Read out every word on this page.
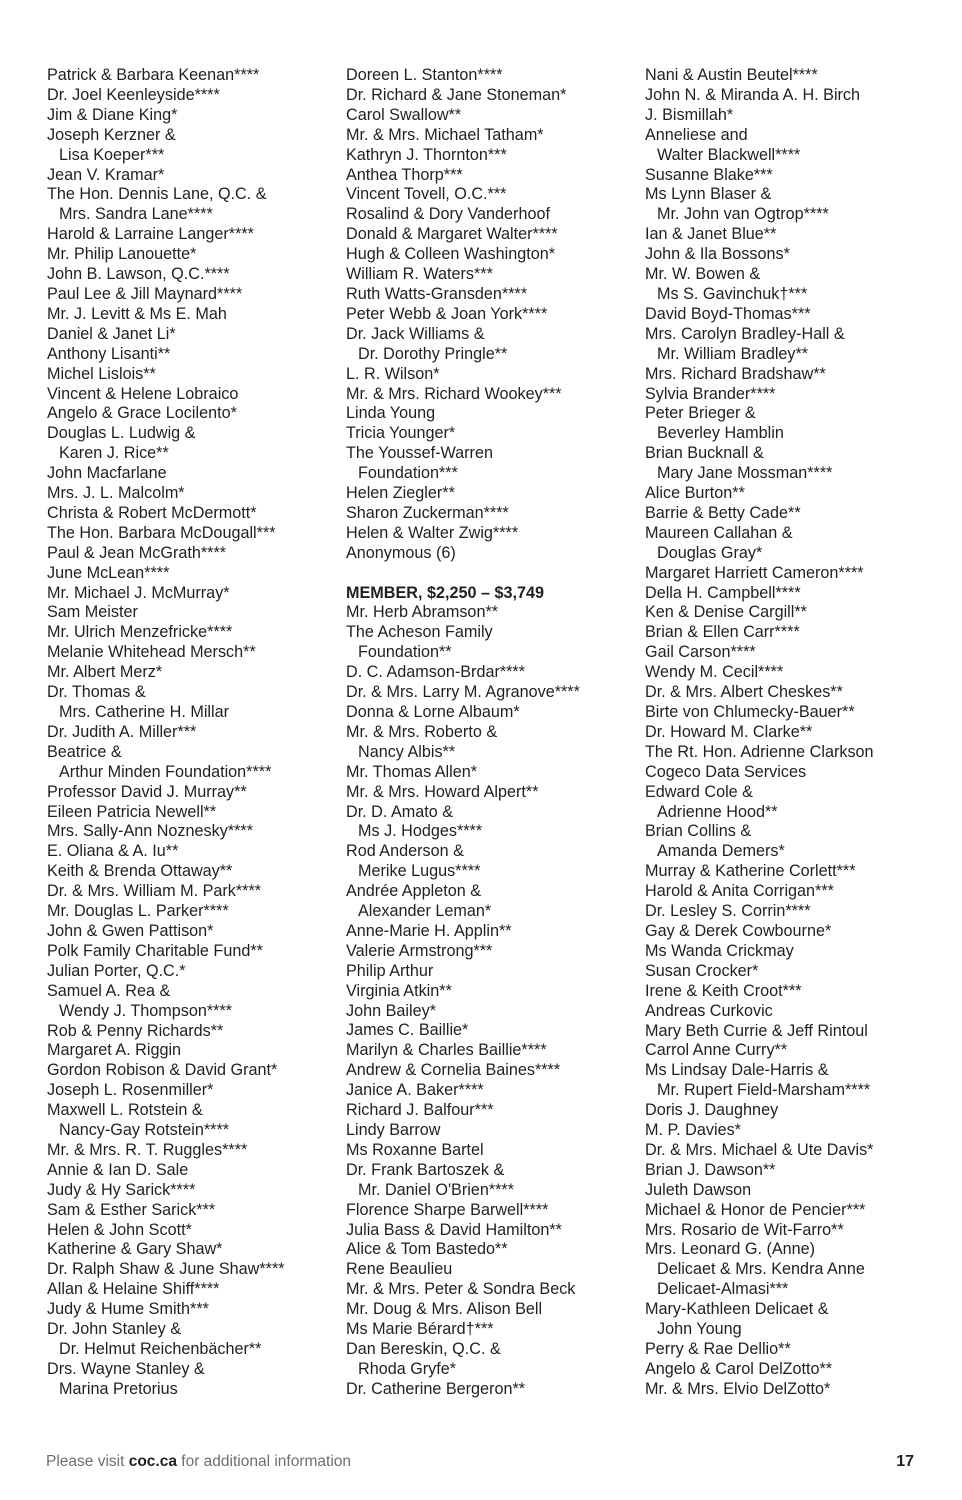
Patrick & Barbara Keenan****
Dr. Joel Keenleyside****
Jim & Diane King*
Joseph Kerzner &
Lisa Koeper***
Jean V. Kramar*
The Hon. Dennis Lane, Q.C. &
Mrs. Sandra Lane****
Harold & Larraine Langer****
Mr. Philip Lanouette*
John B. Lawson, Q.C.****
Paul Lee & Jill Maynard****
Mr. J. Levitt & Ms E. Mah
Daniel & Janet Li*
Anthony Lisanti**
Michel Lislois**
Vincent & Helene Lobraico
Angelo & Grace Locilento*
Douglas L. Ludwig &
Karen J. Rice**
John Macfarlane
Mrs. J. L. Malcolm*
Christa & Robert McDermott*
The Hon. Barbara McDougall***
Paul & Jean McGrath****
June McLean****
Mr. Michael J. McMurray*
Sam Meister
Mr. Ulrich Menzefricke****
Melanie Whitehead Mersch**
Mr. Albert Merz*
Dr. Thomas &
Mrs. Catherine H. Millar
Dr. Judith A. Miller***
Beatrice &
Arthur Minden Foundation****
Professor David J. Murray**
Eileen Patricia Newell**
Mrs. Sally-Ann Noznesky****
E. Oliana & A. Iu**
Keith & Brenda Ottaway**
Dr. & Mrs. William M. Park****
Mr. Douglas L. Parker****
John & Gwen Pattison*
Polk Family Charitable Fund**
Julian Porter, Q.C.*
Samuel A. Rea &
Wendy J. Thompson****
Rob & Penny Richards**
Margaret A. Riggin
Gordon Robison & David Grant*
Joseph L. Rosenmiller*
Maxwell L. Rotstein &
Nancy-Gay Rotstein****
Mr. & Mrs. R. T. Ruggles****
Annie & Ian D. Sale
Judy & Hy Sarick****
Sam & Esther Sarick***
Helen & John Scott*
Katherine & Gary Shaw*
Dr. Ralph Shaw & June Shaw****
Allan & Helaine Shiff****
Judy & Hume Smith***
Dr. John Stanley &
Dr. Helmut Reichenbächer**
Drs. Wayne Stanley &
Marina Pretorius
Doreen L. Stanton****
Dr. Richard & Jane Stoneman*
Carol Swallow**
Mr. & Mrs. Michael Tatham*
Kathryn J. Thornton***
Anthea Thorp***
Vincent Tovell, O.C.***
Rosalind & Dory Vanderhoof
Donald & Margaret Walter****
Hugh & Colleen Washington*
William R. Waters***
Ruth Watts-Gransden****
Peter Webb & Joan York****
Dr. Jack Williams &
Dr. Dorothy Pringle**
L. R. Wilson*
Mr. & Mrs. Richard Wookey***
Linda Young
Tricia Younger*
The Youssef-Warren
Foundation***
Helen Ziegler**
Sharon Zuckerman****
Helen & Walter Zwig****
Anonymous (6)
MEMBER, $2,250 – $3,749
Mr. Herb Abramson**
The Acheson Family
Foundation**
D. C. Adamson-Brdar****
Dr. & Mrs. Larry M. Agranove****
Donna & Lorne Albaum*
Mr. & Mrs. Roberto &
Nancy Albis**
Mr. Thomas Allen*
Mr. & Mrs. Howard Alpert**
Dr. D. Amato &
Ms J. Hodges****
Rod Anderson &
Merike Lugus****
Andrée Appleton &
Alexander Leman*
Anne-Marie H. Applin**
Valerie Armstrong***
Philip Arthur
Virginia Atkin**
John Bailey*
James C. Baillie*
Marilyn & Charles Baillie****
Andrew & Cornelia Baines****
Janice A. Baker****
Richard J. Balfour***
Lindy Barrow
Ms Roxanne Bartel
Dr. Frank Bartoszek &
Mr. Daniel O'Brien****
Florence Sharpe Barwell****
Julia Bass & David Hamilton**
Alice & Tom Bastedo**
Rene Beaulieu
Mr. & Mrs. Peter & Sondra Beck
Mr. Doug & Mrs. Alison Bell
Ms Marie Bérard†***
Dan Bereskin, Q.C. &
Rhoda Gryfe*
Dr. Catherine Bergeron**
Nani & Austin Beutel****
John N. & Miranda A. H. Birch
J. Bismillah*
Anneliese and
Walter Blackwell****
Susanne Blake***
Ms Lynn Blaser &
Mr. John van Ogtrop****
Ian & Janet Blue**
John & Ila Bossons*
Mr. W. Bowen &
Ms S. Gavinchuk†***
David Boyd-Thomas***
Mrs. Carolyn Bradley-Hall &
Mr. William Bradley**
Mrs. Richard Bradshaw**
Sylvia Brander****
Peter Brieger &
Beverley Hamblin
Brian Bucknall &
Mary Jane Mossman****
Alice Burton**
Barrie & Betty Cade**
Maureen Callahan &
Douglas Gray*
Margaret Harriett Cameron****
Della H. Campbell****
Ken & Denise Cargill**
Brian & Ellen Carr****
Gail Carson****
Wendy M. Cecil****
Dr. & Mrs. Albert Cheskes**
Birte von Chlumecky-Bauer**
Dr. Howard M. Clarke**
The Rt. Hon. Adrienne Clarkson
Cogeco Data Services
Edward Cole &
Adrienne Hood**
Brian Collins &
Amanda Demers*
Murray & Katherine Corlett***
Harold & Anita Corrigan***
Dr. Lesley S. Corrin****
Gay & Derek Cowbourne*
Ms Wanda Crickmay
Susan Crocker*
Irene & Keith Croot***
Andreas Curkovic
Mary Beth Currie & Jeff Rintoul
Carrol Anne Curry**
Ms Lindsay Dale-Harris &
Mr. Rupert Field-Marsham****
Doris J. Daughney
M. P. Davies*
Dr. & Mrs. Michael & Ute Davis*
Brian J. Dawson**
Juleth Dawson
Michael & Honor de Pencier***
Mrs. Rosario de Wit-Farro**
Mrs. Leonard G. (Anne)
Delicaet & Mrs. Kendra Anne
Delicaet-Almasi***
Mary-Kathleen Delicaet &
John Young
Perry & Rae Dellio**
Angelo & Carol DelZotto**
Mr. & Mrs. Elvio DelZotto*
Please visit coc.ca for additional information	17
